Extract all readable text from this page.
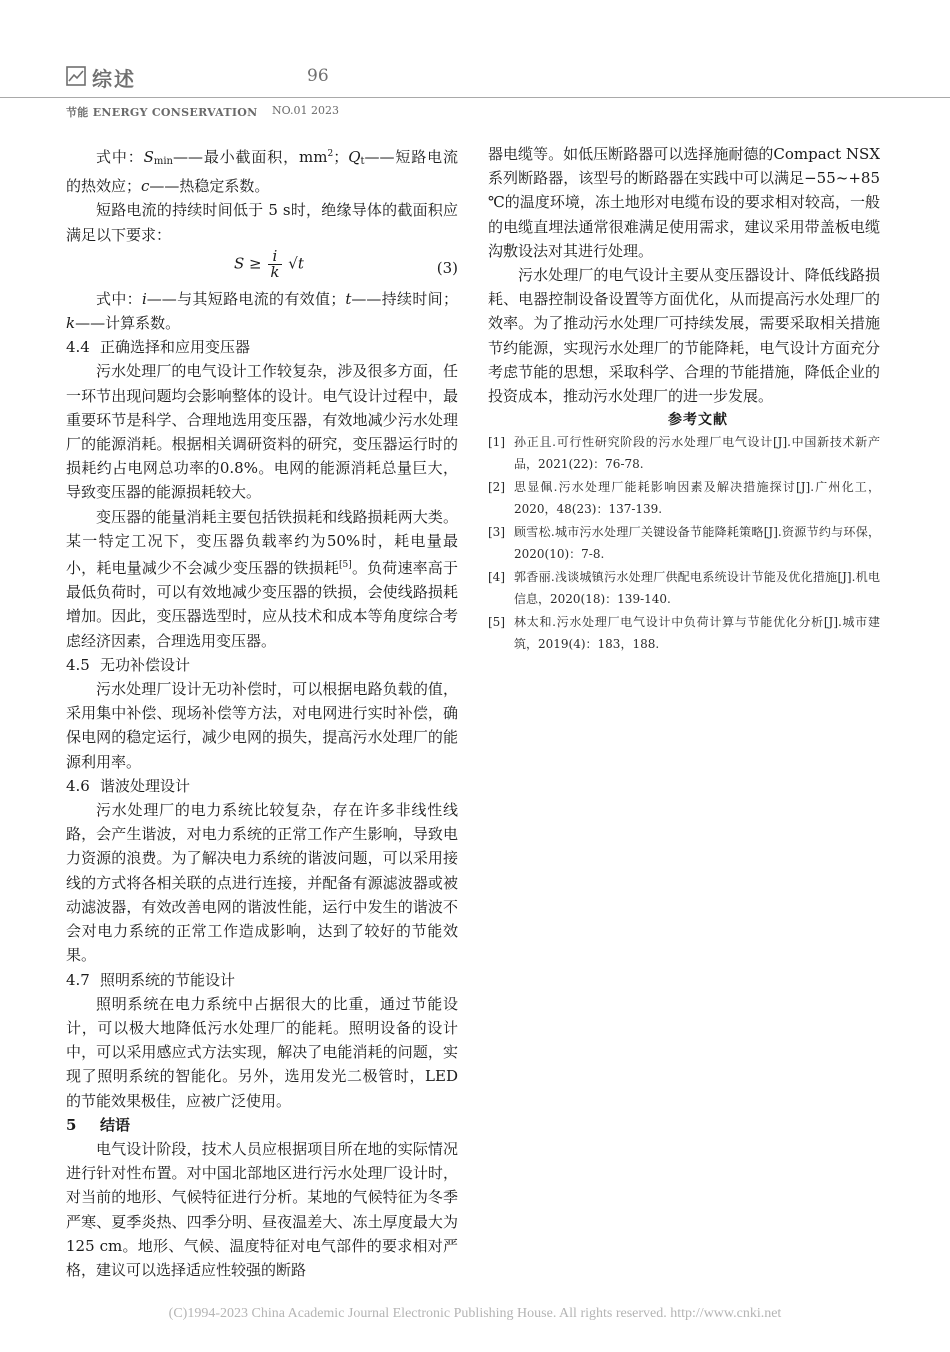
综述	96
节能 ENERGY CONSERVATION NO.01 2023

式中：$S_{min}——$最小截面积，$mm^2$；$Q_t——$短路电流的热效应；c——热稳定系数。

短路电流的持续时间低于 5 s时，绝缘导体的截面积应满足以下要求：

$S \ge \frac{i}{k} √t$	(3)

式中：i——与其短路电流的有效值；t——持续时间；k——计算系数。

4.4 正确选择和应用变压器

污水处理厂的电气设计工作较复杂，涉及很多方面，任一环节出现问题均会影响整体的设计。电气设计过程中，最重要环节是科学、合理地选用变压器，有效地减少污水处理厂的能源消耗。根据相关调研资料的研究，变压器运行时的损耗约占电网总功率的0.8%。电网的能源消耗总量巨大，导致变压器的能源损耗较大。

变压器的能量消耗主要包括铁损耗和线路损耗两大类。某一特定工况下，变压器负载率约为50%时，耗电量最小，耗电量减少不会减少变压器的铁损耗[5]。负荷速率高于最低负荷时，可以有效地减少变压器的铁损，会使线路损耗增加。因此，变压器选型时，应从技术和成本等角度综合考虑经济因素，合理选用变压器。

4.5 无功补偿设计

污水处理厂设计无功补偿时，可以根据电路负载的值，采用集中补偿、现场补偿等方法，对电网进行实时补偿，确保电网的稳定运行，减少电网的损失，提高污水处理厂的能源利用率。

4.6 谐波处理设计

污水处理厂的电力系统比较复杂，存在许多非线性线路，会产生谐波，对电力系统的正常工作产生影响，导致电力资源的浪费。为了解决电力系统的谐波问题，可以采用接线的方式将各相关联的点进行连接，并配备有源滤波器或被动滤波器，有效改善电网的谐波性能，运行中发生的谐波不会对电力系统的正常工作造成影响，达到了较好的节能效果。

4.7 照明系统的节能设计

照明系统在电力系统中占据很大的比重，通过节能设计，可以极大地降低污水处理厂的能耗。照明设备的设计中，可以采用感应式方法实现，解决了电能消耗的问题，实现了照明系统的智能化。另外，选用发光二极管时，LED的节能效果极佳，应被广泛使用。

5 结语

电气设计阶段，技术人员应根据项目所在地的实际情况进行针对性布置。对中国北部地区进行污水处理厂设计时，对当前的地形、气候特征进行分析。某地的气候特征为冬季严寒、夏季炎热、四季分明、昼夜温差大、冻土厚度最大为125 cm。地形、气候、温度特征对电气部件的要求相对严格，建议可以选择适应性较强的断路

器电缆等。如低压断路器可以选择施耐德的Compact NSX系列断路器，该型号的断路器在实践中可以满足−55~+85 ℃的温度环境，冻土地形对电缆布设的要求相对较高，一般的电缆直埋法通常很难满足使用需求，建议采用带盖板电缆沟敷设法对其进行处理。

污水处理厂的电气设计主要从变压器设计、降低线路损耗、电器控制设备设置等方面优化，从而提高污水处理厂的效率。为了推动污水处理厂可持续发展，需要采取相关措施节约能源，实现污水处理厂的节能降耗，电气设计方面充分考虑节能的思想，采取科学、合理的节能措施，降低企业的投资成本，推动污水处理厂的进一步发展。

参考文献

[1] 孙正且.可行性研究阶段的污水处理厂电气设计[J].中国新技术新产品，2021(22)：76-78.
[2] 思显佩.污水处理厂能耗影响因素及解决措施探讨[J].广州化工，2020，48(23)：137-139.
[3] 顾雪松.城市污水处理厂关键设备节能降耗策略[J].资源节约与环保，2020(10)：7-8.
[4] 郭香丽.浅谈城镇污水处理厂供配电系统设计节能及优化措施[J].机电信息，2020(18)：139-140.
[5] 林太和.污水处理厂电气设计中负荷计算与节能优化分析[J].城市建筑，2019(4)：183，188.
(C)1994-2023 China Academic Journal Electronic Publishing House. All rights reserved. http://www.cnki.net
